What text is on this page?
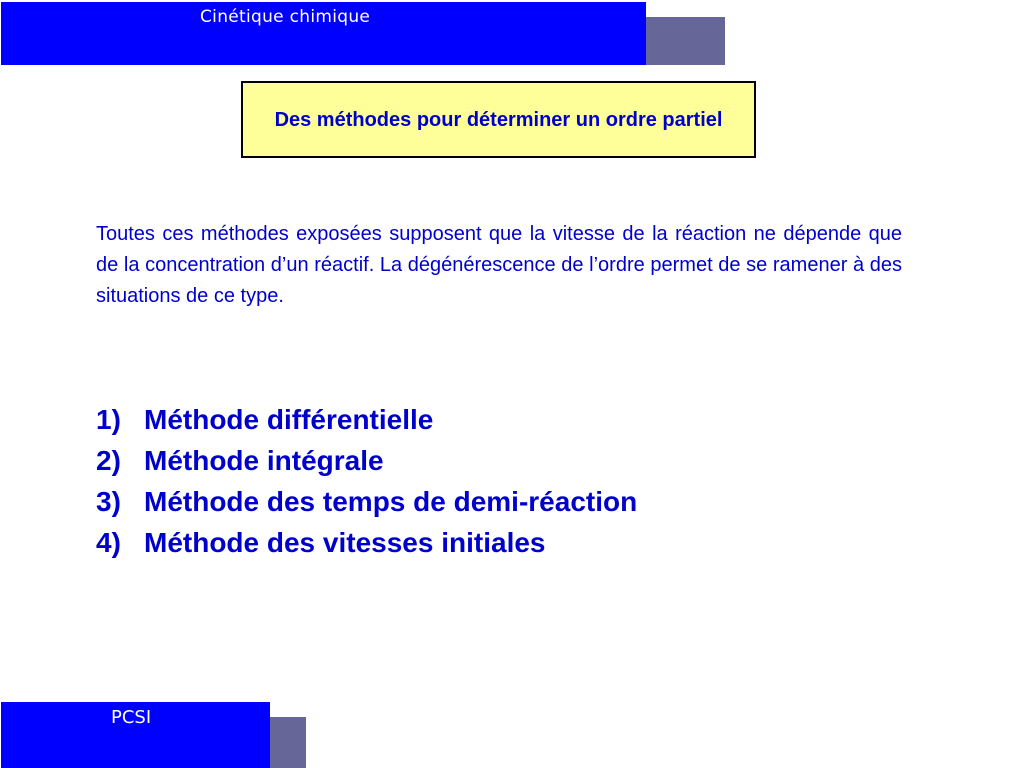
Cinétique chimique
Des méthodes pour déterminer un ordre partiel

Toutes ces méthodes exposées supposent que la vitesse de la réaction ne dépende que de la concentration d’un réactif. La dégénérescence de l’ordre permet de se ramener à des situations de ce type.

1) Méthode différentielle
2) Méthode intégrale
3) Méthode des temps de demi-réaction
4) Méthode des vitesses initiales
PCSI
